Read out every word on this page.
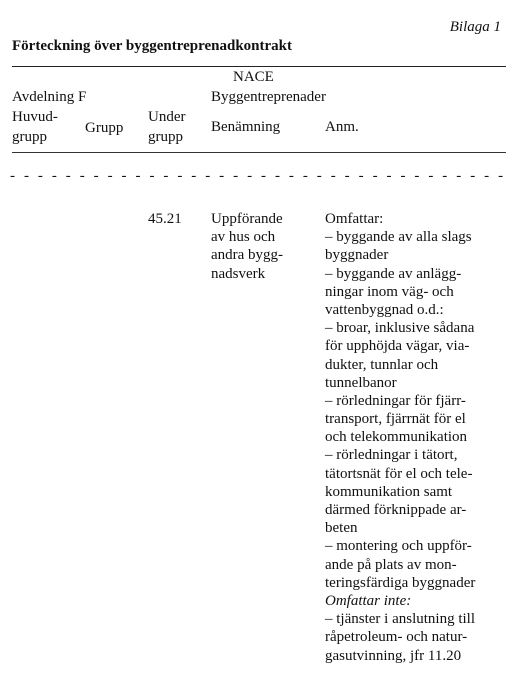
Bilaga 1
Förteckning över byggentreprenadkontrakt
NACE
Avdelning F	Byggentreprenader
Huvud-
grupp
Grupp
Under
grupp
Benämning	Anm.
- - - - - - - - - - - - - - - - - - - - - - - - - - - - - - - - - - - -
45.21 Uppförande
av hus och
andra bygg-
nadsverk
Omfattar:
– byggande av alla slags
byggnader
– byggande av anlägg-
ningar inom väg- och
vattenbyggnad o.d.:
– broar, inklusive sådana
för upphöjda vägar, via-
dukter, tunnlar och
tunnelbanor
– rörledningar för fjärr-
transport, fjärrnät för el
och telekommunikation
– rörledningar i tätort,
tätortsnät för el och tele-
kommunikation samt
därmed förknippade ar-
beten
– montering och uppför-
ande på plats av mon-
teringsfärdiga byggnader
Omfattar inte:
– tjänster i anslutning till
råpetroleum- och natur-
gasutvinning, jfr 11.20
